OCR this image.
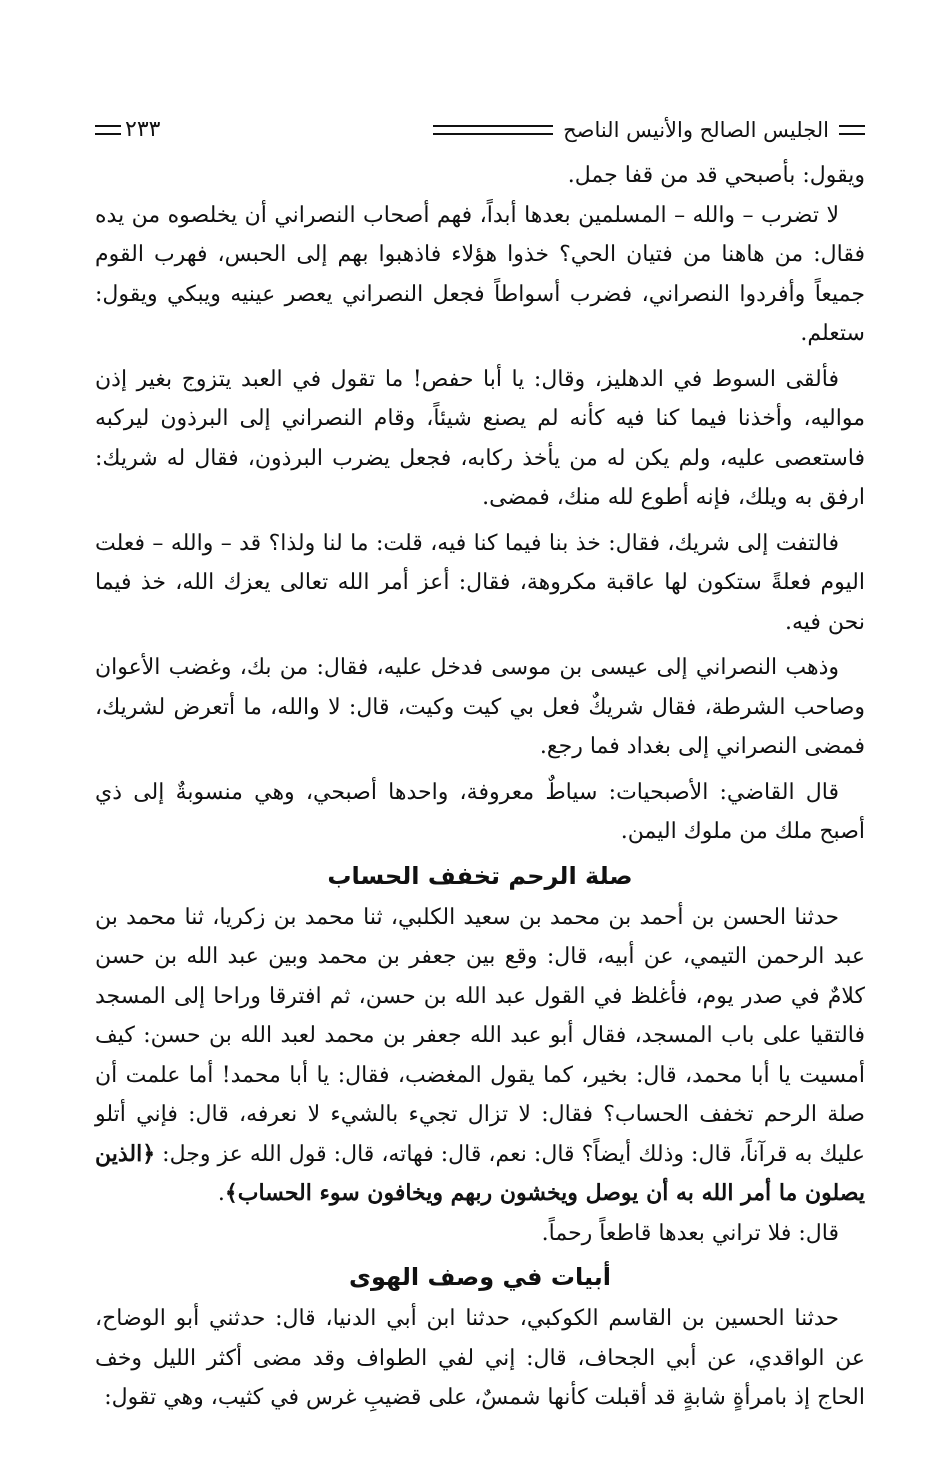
الجليس الصالح والأنيس الناصح
٢٣٣

ويقول: بأصبحي قد من قفا جمل.

لا تضرب – والله – المسلمين بعدها أبداً، فهم أصحاب النصراني أن يخلصوه من يده فقال: من هاهنا من فتيان الحي؟ خذوا هؤلاء فاذهبوا بهم إلى الحبس، فهرب القوم جميعاً وأفردوا النصراني، فضرب أسواطاً فجعل النصراني يعصر عينيه ويبكي ويقول: ستعلم.

فألقى السوط في الدهليز، وقال: يا أبا حفص! ما تقول في العبد يتزوج بغير إذن مواليه، وأخذنا فيما كنا فيه كأنه لم يصنع شيئاً، وقام النصراني إلى البرذون ليركبه فاستعصى عليه، ولم يكن له من يأخذ ركابه، فجعل يضرب البرذون، فقال له شريك: ارفق به ويلك، فإنه أطوع لله منك، فمضى.

فالتفت إلى شريك، فقال: خذ بنا فيما كنا فيه، قلت: ما لنا ولذا؟ قد – والله – فعلت اليوم فعلةً ستكون لها عاقبة مكروهة، فقال: أعز أمر الله تعالى يعزك الله، خذ فيما نحن فيه.

وذهب النصراني إلى عيسى بن موسى فدخل عليه، فقال: من بك، وغضب الأعوان وصاحب الشرطة، فقال شريكٌ فعل بي كيت وكيت، قال: لا والله، ما أتعرض لشريك، فمضى النصراني إلى بغداد فما رجع.

قال القاضي: الأصبحيات: سياطٌ معروفة، واحدها أصبحي، وهي منسوبةٌ إلى ذي أصبح ملك من ملوك اليمن.

صلة الرحم تخفف الحساب

حدثنا الحسن بن أحمد بن محمد بن سعيد الكلبي، ثنا محمد بن زكريا، ثنا محمد بن عبد الرحمن التيمي، عن أبيه، قال: وقع بين جعفر بن محمد وبين عبد الله بن حسن كلامٌ في صدر يوم، فأغلظ في القول عبد الله بن حسن، ثم افترقا وراحا إلى المسجد فالتقيا على باب المسجد، فقال أبو عبد الله جعفر بن محمد لعبد الله بن حسن: كيف أمسيت يا أبا محمد، قال: بخير، كما يقول المغضب، فقال: يا أبا محمد! أما علمت أن صلة الرحم تخفف الحساب؟ فقال: لا تزال تجيء بالشيء لا نعرفه، قال: فإني أتلو عليك به قرآناً، قال: وذلك أيضاً؟ قال: نعم، قال: فهاته، قال: قول الله عز وجل: ﴿الذين يصلون ما أمر الله به أن يوصل ويخشون ربهم ويخافون سوء الحساب﴾.

قال: فلا تراني بعدها قاطعاً رحماً.

أبيات في وصف الهوى

حدثنا الحسين بن القاسم الكوكبي، حدثنا ابن أبي الدنيا، قال: حدثني أبو الوضاح، عن الواقدي، عن أبي الجحاف، قال: إني لفي الطواف وقد مضى أكثر الليل وخف الحاج إذ بامرأةٍ شابةٍ قد أقبلت كأنها شمسٌ، على قضيبِ غرس في كثيب، وهي تقول:
